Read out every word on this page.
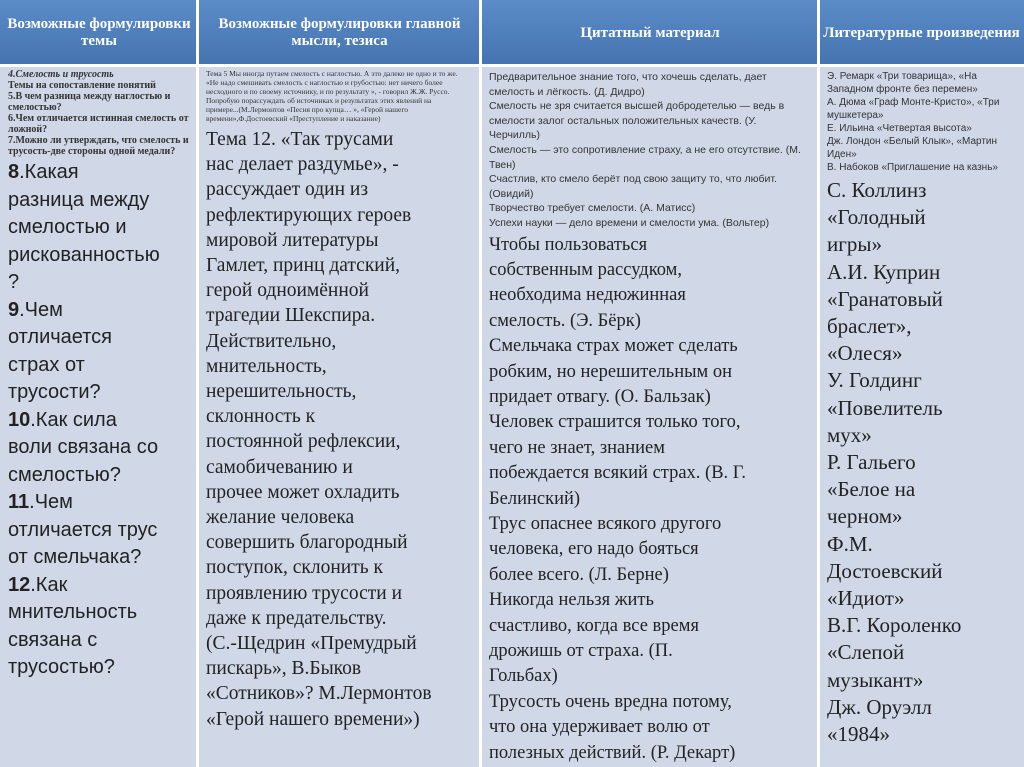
Возможные формулировки темы
Возможные формулировки главной мысли, тезиса
Цитатный материал	Литературные произведения
4.Смелость и трусость
Темы на сопоставление понятий
5.В чем разница между наглостью и смелостью?
6.Чем отличается истинная смелость от ложной?
7.Можно ли утверждать, что смелость и трусость-две стороны одной медали?
8.Какая
разница между
смелостью и
рискованностью
?
9.Чем
отличается
страх от
трусости?
10.Как сила
воли связана со
смелостью?
11.Чем
отличается трус
от смельчака?
12.Как
мнительность
связана с
трусостью?
Тема 5 Мы иногда путаем смелость с наглостью. А это далеко не одно и то же.
«Не надо смешивать смелость с наглостью и грубостью: нет ничего более
несходного и по своему источнику, и по результату », - говорил Ж.Ж. Руссо.
Попробую порассуждать об источниках и результатах этих явлений на
примере...(М.Лермонтов «Песня про купца… », «Герой нашего
времени»,Ф.Достоевский «Преступление и наказание)
Тема 12. «Так трусами
нас делает раздумье», -
рассуждает один из
рефлектирующих героев
мировой литературы
Гамлет, принц датский,
герой одноимённой
трагедии Шекспира.
Действительно,
мнительность,
нерешительность,
склонность к
постоянной рефлексии,
самобичеванию и
прочее может охладить
желание человека
совершить благородный
поступок, склонить к
проявлению трусости и
даже к предательству.
(С.-Щедрин «Премудрый
пискарь», В.Быков
«Сотников»? М.Лермонтов
«Герой нашего времени»)
Предварительное знание того, что хочешь сделать, дает
смелость и лёгкость. (Д. Дидро)
Смелость не зря считается высшей добродетелью — ведь в
смелости залог остальных положительных качеств. (У.
Черчилль)
Смелость — это сопротивление страху, а не его отсутствие. (М.
Твен)
Счастлив, кто смело берёт под свою защиту то, что любит.
(Овидий)
Творчество требует смелости. (А. Матисс)
Успехи науки — дело времени и смелости ума. (Вольтер)
Чтобы пользоваться
собственным рассудком,
необходима недюжинная
смелость. (Э. Бёрк)
Смельчака страх может сделать
робким, но нерешительным он
придает отвагу. (О. Бальзак)
Человек страшится только того,
чего не знает, знанием
побеждается всякий страх. (В. Г.
Белинский)
Трус опаснее всякого другого
человека, его надо бояться
более всего. (Л. Берне)
Никогда нельзя жить
счастливо, когда все время
дрожишь от страха. (П.
Гольбах)
Трусость очень вредна потому,
что она удерживает волю от
полезных действий. (Р. Декарт)
Э. Ремарк «Три товарища», «На
Западном фронте без перемен»
А. Дюма «Граф Монте-Кристо», «Три
мушкетера»
Е. Ильина «Четвертая высота»
Дж. Лондон «Белый Клык», «Мартин
Иден»
В. Набоков «Приглашение на казнь»
С. Коллинз
«Голодный
игры»
А.И. Куприн
«Гранатовый
браслет»,
«Олеся»
У. Голдинг
«Повелитель
мух»
Р. Гальего
«Белое на
черном»
Ф.М.
Достоевский
«Идиот»
В.Г. Короленко
«Слепой
музыкант»
Дж. Оруэлл
«1984»
